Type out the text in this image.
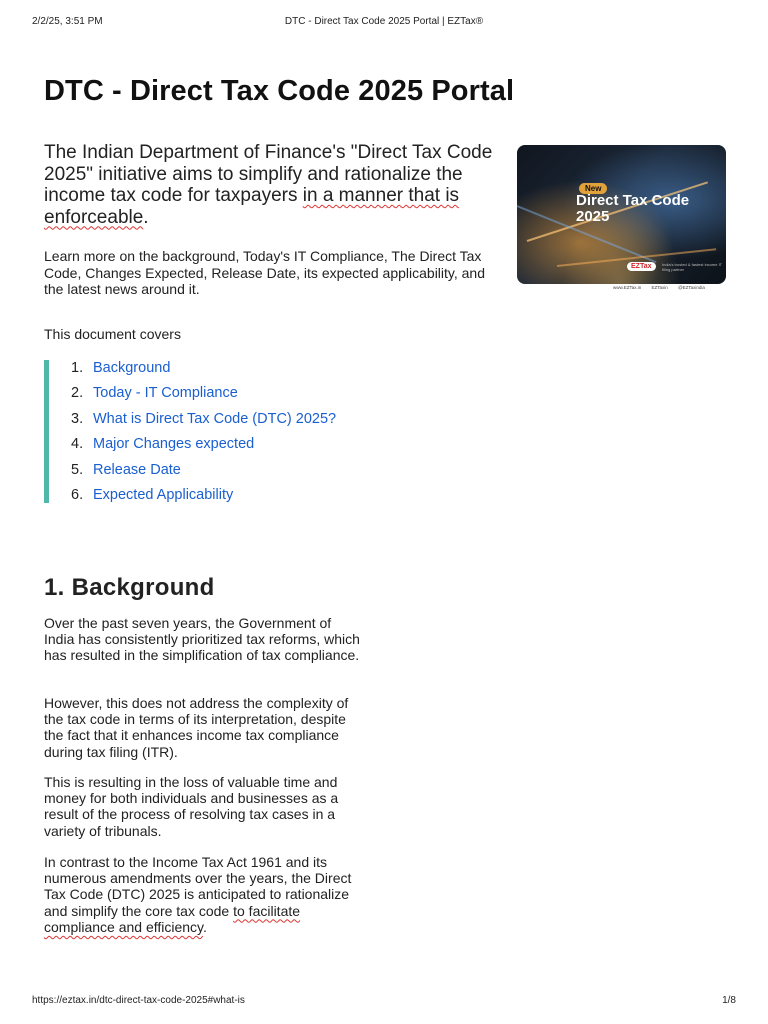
2/2/25, 3:51 PM	DTC - Direct Tax Code 2025 Portal | EZTax®
DTC - Direct Tax Code 2025 Portal

The Indian Department of Finance's "Direct Tax Code 2025" initiative aims to simplify and rationalize the income tax code for taxpayers in a manner that is enforceable.

Learn more on the background, Today's IT Compliance, The Direct Tax Code, Changes Expected, Release Date, its expected applicability, and the latest news around it.

New
Direct Tax Code 2025
EZTax	India's trusted & fastest income IT filing partner
www.EZTax.in EZTaxin @EZTaxindia

This document covers

1. Background
2. Today - IT Compliance
3. What is Direct Tax Code (DTC) 2025?
4. Major Changes expected
5. Release Date
6. Expected Applicability
1. Background

Over the past seven years, the Government of India has consistently prioritized tax reforms, which has resulted in the simplification of tax compliance.

However, this does not address the complexity of the tax code in terms of its interpretation, despite the fact that it enhances income tax compliance during tax filing (ITR).

This is resulting in the loss of valuable time and money for both individuals and businesses as a result of the process of resolving tax cases in a variety of tribunals.

In contrast to the Income Tax Act 1961 and its numerous amendments over the years, the Direct Tax Code (DTC) 2025 is anticipated to rationalize and simplify the core tax code to facilitate compliance and efficiency.

https://eztax.in/dtc-direct-tax-code-2025#what-is	1/8
